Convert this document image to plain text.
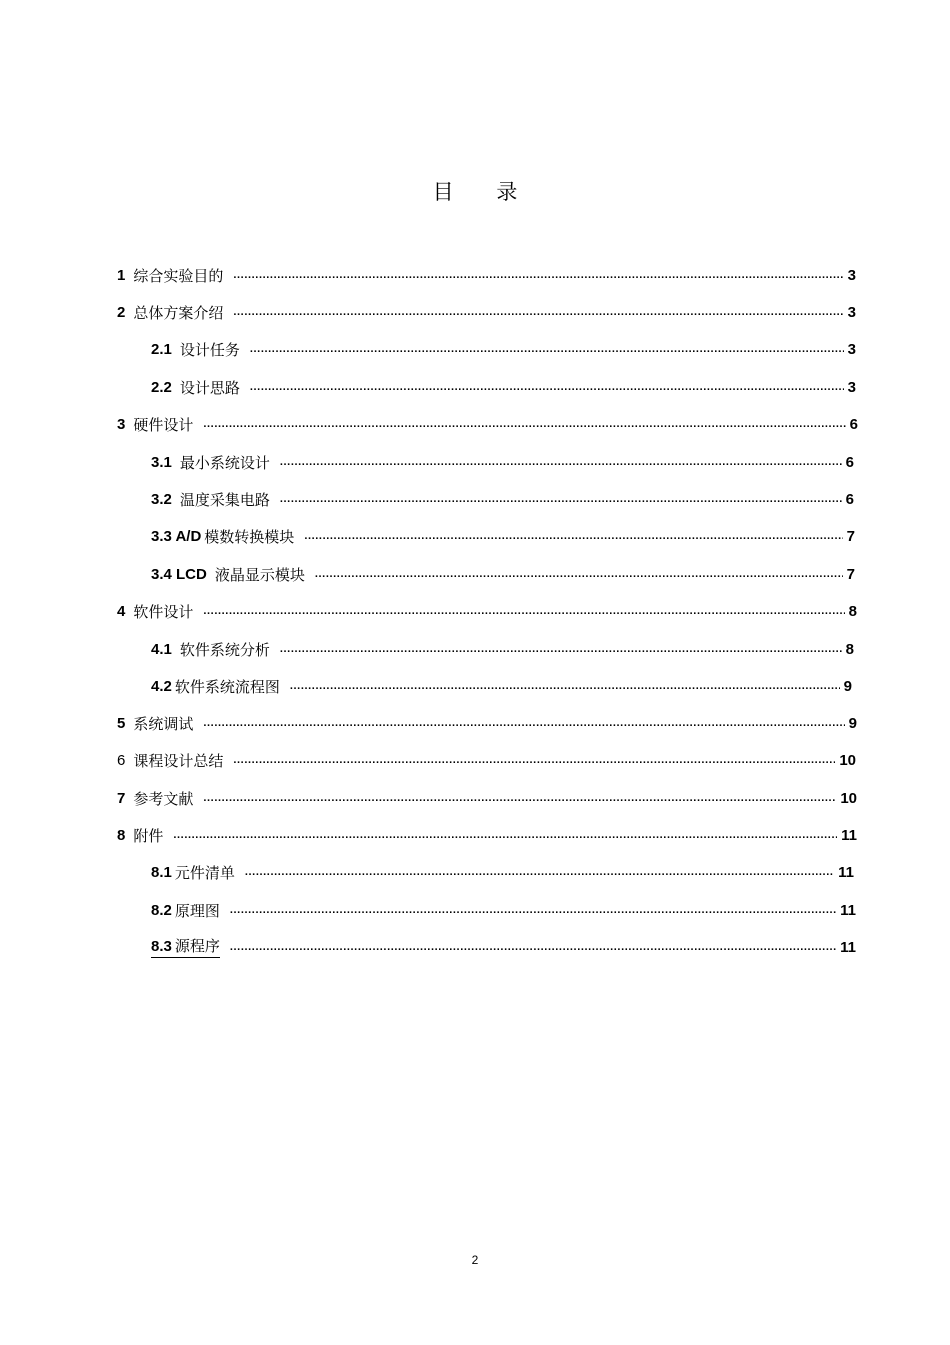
目 录
1 综合实验目的 .....	3
2 总体方案介绍 .....	3
2.1 设计任务 .....	3
2.2 设计思路 .....	3
3 硬件设计 .....	6
3.1 最小系统设计 .....	6
3.2 温度采集电路 .....	6
3.3 A/D 模数转换模块 .....	7
3.4 LCD 液晶显示模块 .....	7
4 软件设计 .....	8
4.1 软件系统分析 .....	8
4.2 软件系统流程图 .....	9
5 系统调试 .....	9
6 课程设计总结 .....	10
7 参考文献 .....	10
8 附件 .....	11
8.1 元件清单 .....	11
8.2 原理图 .....	11
8.3 源程序 .....	11
2
